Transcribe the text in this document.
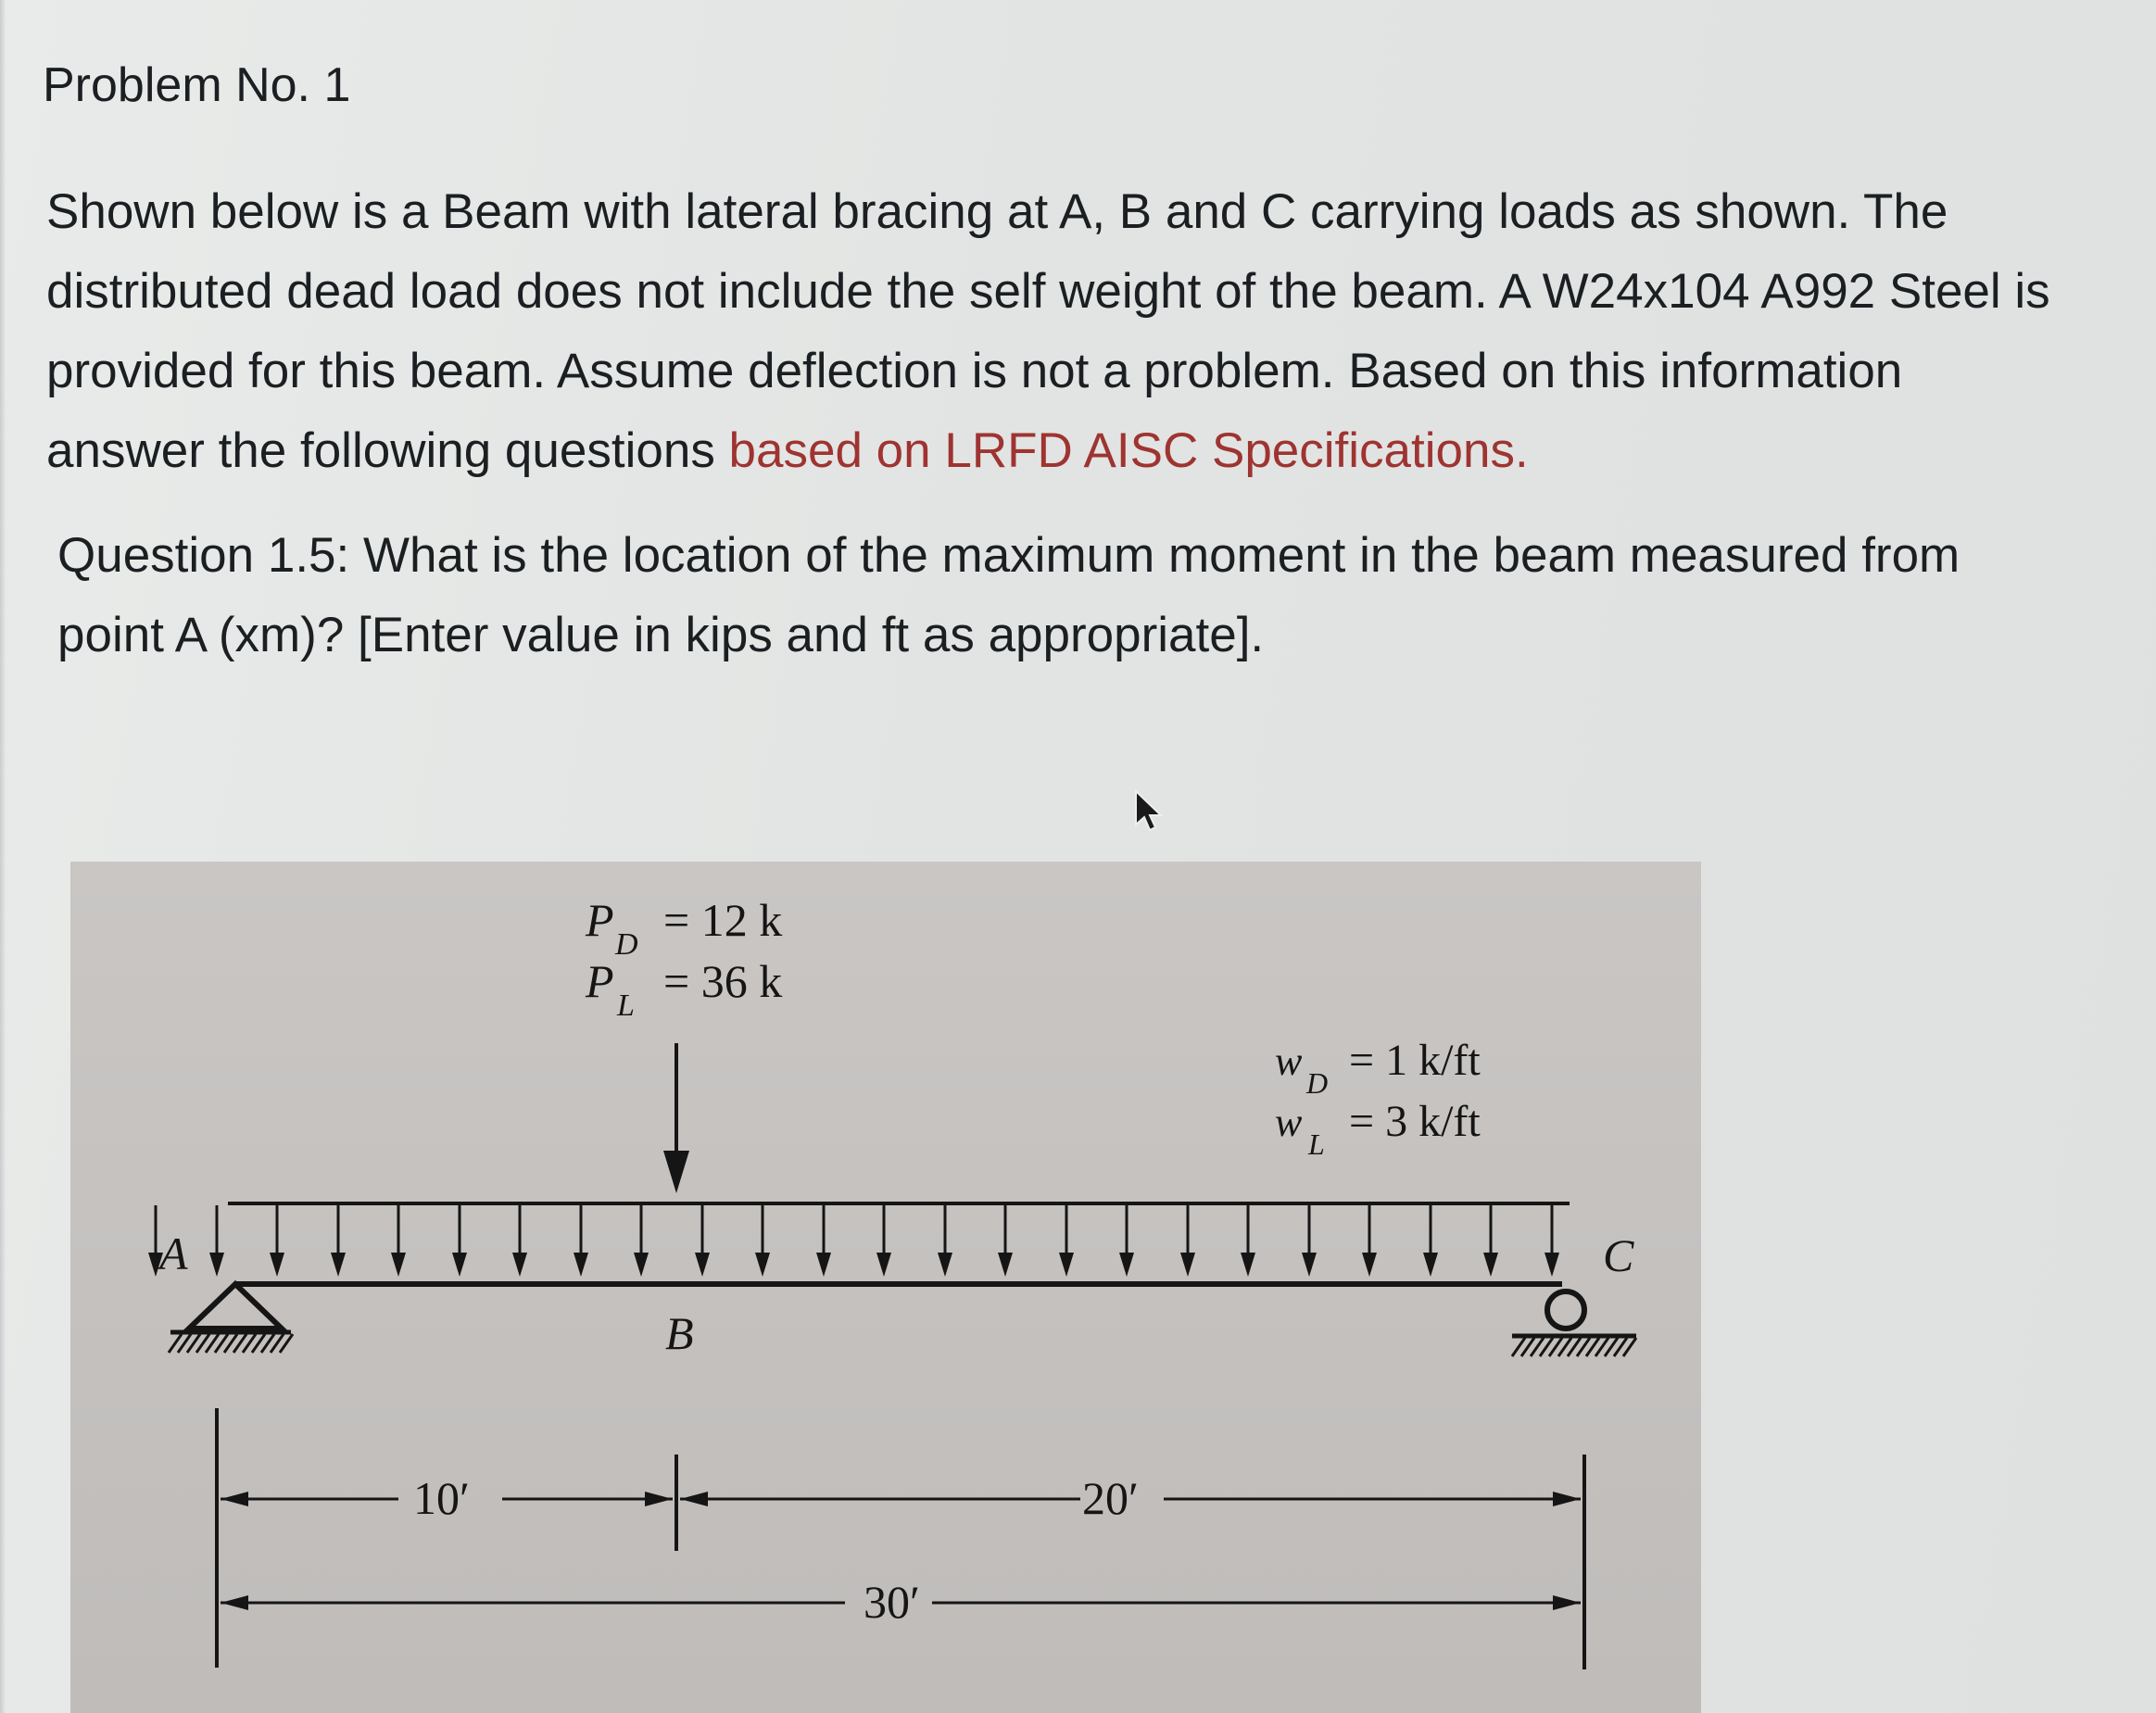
Problem No. 1
Shown below is a Beam with lateral bracing at A, B and C carrying loads as shown. The
distributed dead load does not include the self weight of the beam. A W24x104 A992 Steel is
provided for this beam. Assume deflection is not a problem. Based on this information
answer the following questions based on LRFD AISC Specifications.
Question 1.5: What is the location of the maximum moment in the beam measured from
point A (xm)? [Enter value in kips and ft as appropriate].
P D = 12 k
P L = 36 k
w D = 1 k/ft
w L = 3 k/ft
A
B
C
10′	20′
30′
